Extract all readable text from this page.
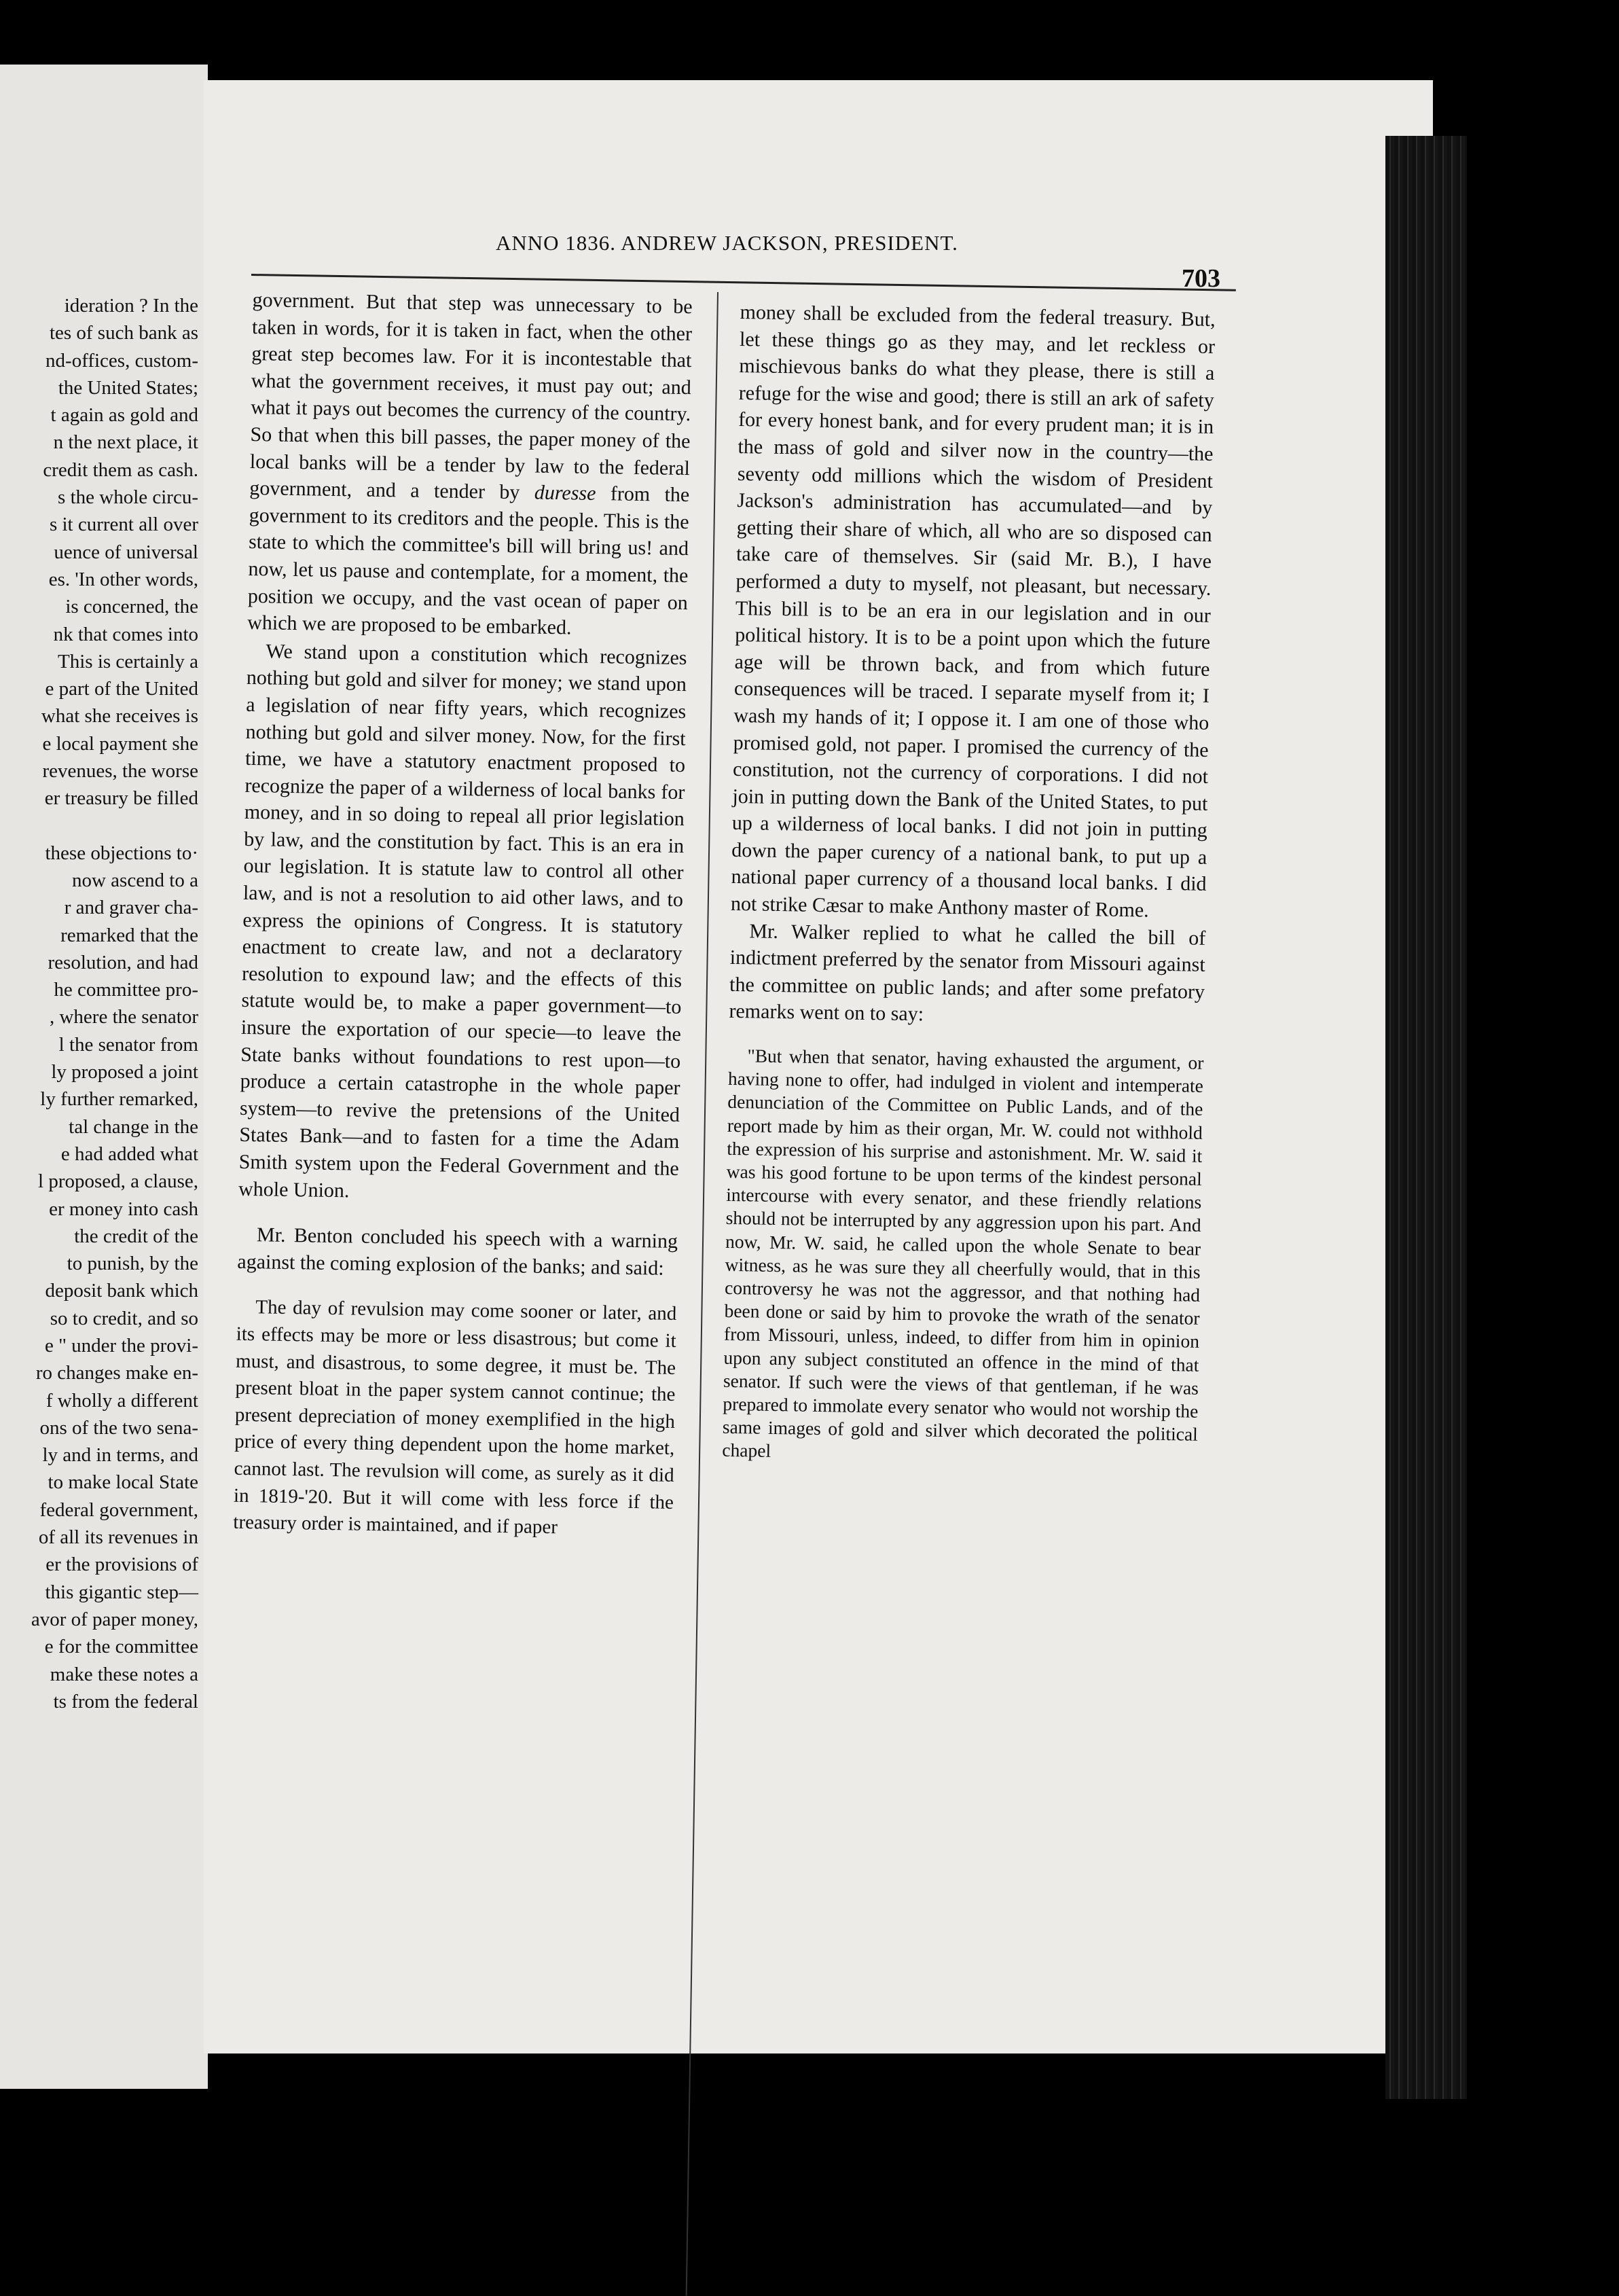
ideration ? In the
tes of such bank as
nd-offices, custom-
the United States;
t again as gold and
n the next place, it
credit them as cash.
s the whole circu-
s it current all over
uence of universal
es. 'In other words,
is concerned, the
nk that comes into
This is certainly a
e part of the United
what she receives is
e local payment she
revenues, the worse
er treasury be filled
these objections to·
now ascend to a
r and graver cha-
remarked that the
resolution, and had
he committee pro-
, where the senator
l the senator from
ly proposed a joint
ly further remarked,
tal change in the
e had added what
l proposed, a clause,
er money into cash
the credit of the
to punish, by the
deposit bank which
so to credit, and so
e " under the provi-
ro changes make en-
f wholly a different
ons of the two sena-
ly and in terms, and
to make local State
federal government,
of all its revenues in
er the provisions of
this gigantic step—
avor of paper money,
e for the committee
make these notes a
ts from the federal
ANNO 1836. ANDREW JACKSON, PRESIDENT.
703

government. But that step was unnecessary to be taken in words, for it is taken in fact, when the other great step becomes law. For it is incontestable that what the government receives, it must pay out; and what it pays out becomes the currency of the country. So that when this bill passes, the paper money of the local banks will be a tender by law to the federal government, and a tender by duresse from the government to its creditors and the people. This is the state to which the committee's bill will bring us! and now, let us pause and contemplate, for a moment, the position we occupy, and the vast ocean of paper on which we are proposed to be embarked.

We stand upon a constitution which recognizes nothing but gold and silver for money; we stand upon a legislation of near fifty years, which recognizes nothing but gold and silver money. Now, for the first time, we have a statutory enactment proposed to recognize the paper of a wilderness of local banks for money, and in so doing to repeal all prior legislation by law, and the constitution by fact. This is an era in our legislation. It is statute law to control all other law, and is not a resolution to aid other laws, and to express the opinions of Congress. It is statutory enactment to create law, and not a declaratory resolution to expound law; and the effects of this statute would be, to make a paper government—to insure the exportation of our specie—to leave the State banks without foundations to rest upon—to produce a certain catastrophe in the whole paper system—to revive the pretensions of the United States Bank—and to fasten for a time the Adam Smith system upon the Federal Government and the whole Union.

Mr. Benton concluded his speech with a warning against the coming explosion of the banks; and said:

The day of revulsion may come sooner or later, and its effects may be more or less disastrous; but come it must, and disastrous, to some degree, it must be. The present bloat in the paper system cannot continue; the present depreciation of money exemplified in the high price of every thing dependent upon the home market, cannot last. The revulsion will come, as surely as it did in 1819-'20. But it will come with less force if the treasury order is maintained, and if paper

money shall be excluded from the federal treasury. But, let these things go as they may, and let reckless or mischievous banks do what they please, there is still a refuge for the wise and good; there is still an ark of safety for every honest bank, and for every prudent man; it is in the mass of gold and silver now in the country—the seventy odd millions which the wisdom of President Jackson's administration has accumulated—and by getting their share of which, all who are so disposed can take care of themselves. Sir (said Mr. B.), I have performed a duty to myself, not pleasant, but necessary. This bill is to be an era in our legislation and in our political history. It is to be a point upon which the future age will be thrown back, and from which future consequences will be traced. I separate myself from it; I wash my hands of it; I oppose it. I am one of those who promised gold, not paper. I promised the currency of the constitution, not the currency of corporations. I did not join in putting down the Bank of the United States, to put up a wilderness of local banks. I did not join in putting down the paper curency of a national bank, to put up a national paper currency of a thousand local banks. I did not strike Cæsar to make Anthony master of Rome.

Mr. Walker replied to what he called the bill of indictment preferred by the senator from Missouri against the committee on public lands; and after some prefatory remarks went on to say:

"But when that senator, having exhausted the argument, or having none to offer, had indulged in violent and intemperate denunciation of the Committee on Public Lands, and of the report made by him as their organ, Mr. W. could not withhold the expression of his surprise and astonishment. Mr. W. said it was his good fortune to be upon terms of the kindest personal intercourse with every senator, and these friendly relations should not be interrupted by any aggression upon his part. And now, Mr. W. said, he called upon the whole Senate to bear witness, as he was sure they all cheerfully would, that in this controversy he was not the aggressor, and that nothing had been done or said by him to provoke the wrath of the senator from Missouri, unless, indeed, to differ from him in opinion upon any subject constituted an offence in the mind of that senator. If such were the views of that gentleman, if he was prepared to immolate every senator who would not worship the same images of gold and silver which decorated the political chapel
